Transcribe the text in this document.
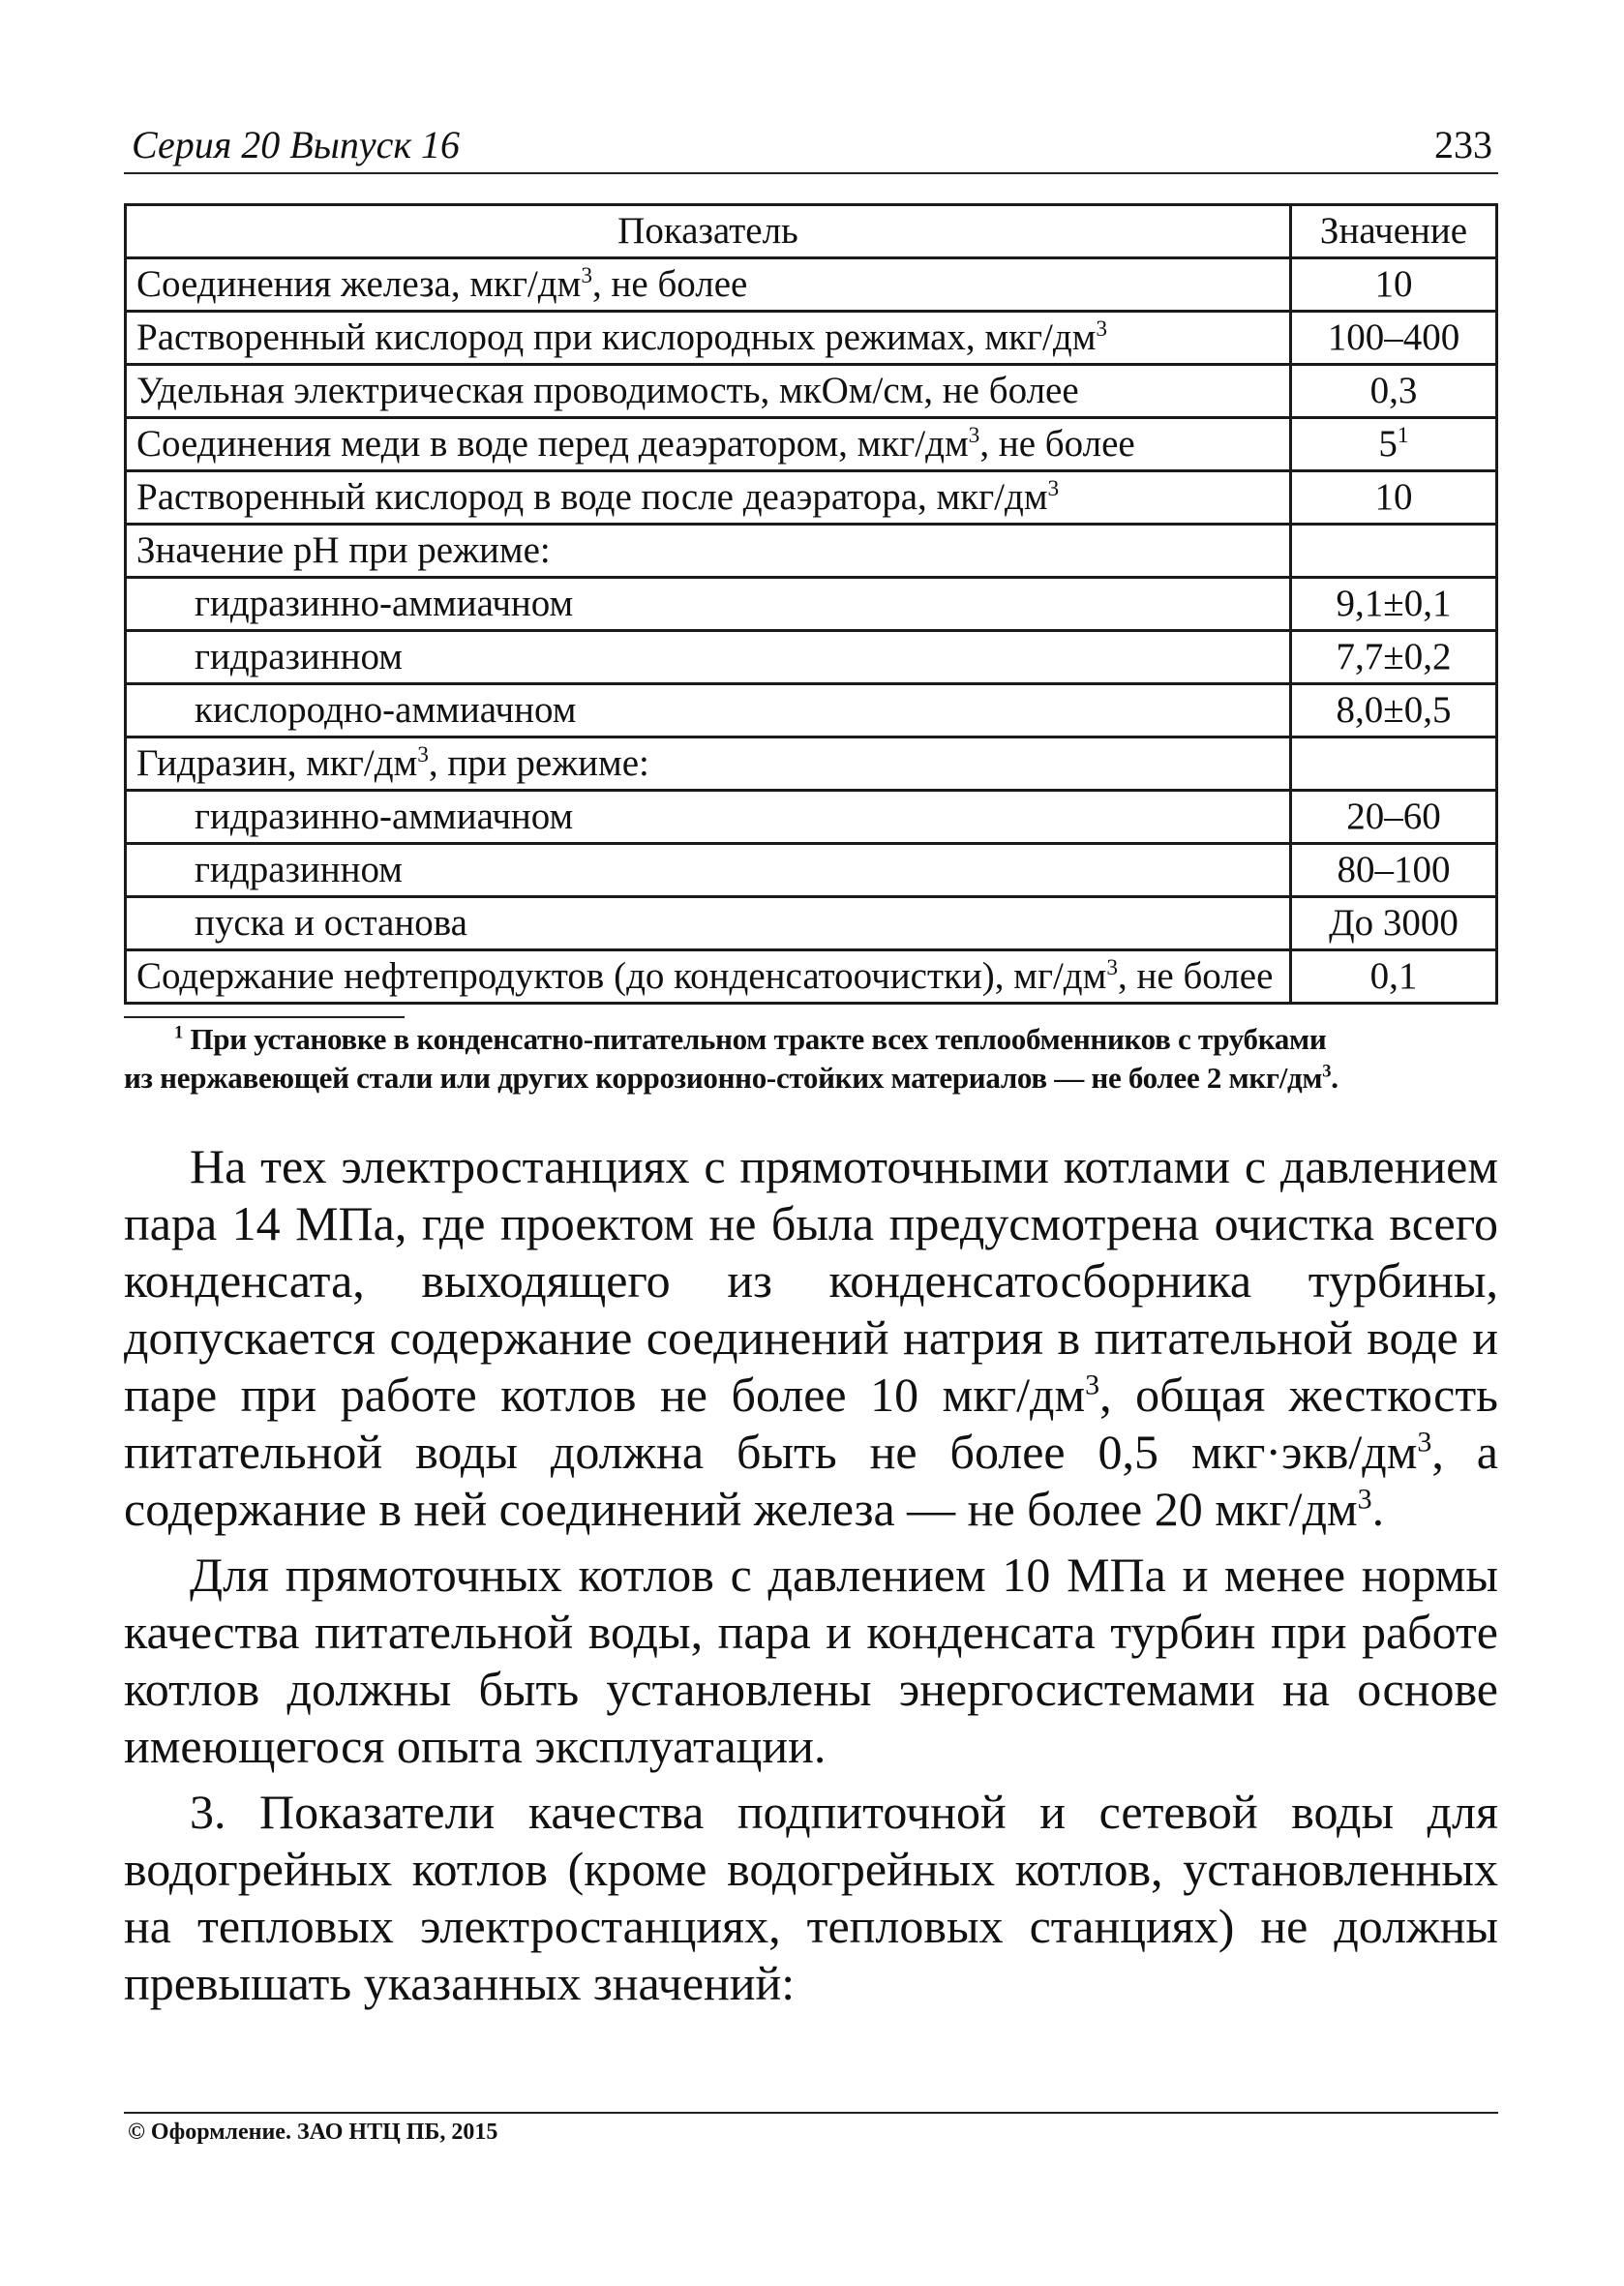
Серия 20 Выпуск 16	233
Показатель	Значение
Соединения железа, мкг/$дм^3$, не более	10
Растворенный кислород при кислородных режимах, мкг/$дм^3$	100–400
Удельная электрическая проводимость, мкОм/см, не более	0,3
Соединения меди в воде перед деаэратором, мкг/$дм^3$, не более	$5^1$
Растворенный кислород в воде после деаэратора, мкг/$дм^3$	10
Значение pH при режиме:	
гидразинно-аммиачном	9,1±0,1
гидразинном	7,7±0,2
кислородно-аммиачном	8,0±0,5
Гидразин, мкг/$дм^3$, при режиме:	
гидразинно-аммиачном	20–60
гидразинном	80–100
пуска и останова	До 3000
Содержание нефтепродуктов (до конденсатоочистки), $мг/дм^3$, не более	0,1
$^1$ При установке в конденсатно-питательном тракте всех теплообменников с трубками
из нержавеющей стали или других коррозионно-стойких материалов — не более 2 мкг/$дм^3$.

На тех электростанциях с прямоточными котлами с давлением пара 14 МПа, где проектом не была предусмотрена очистка всего конденсата, выходящего из конденсатосборника турбины, допускается содержание соединений натрия в питательной воде и паре при работе котлов не более 10 мкг/$дм^3$, общая жесткость питательной воды должна быть не более 0,5 $мкг\cdot экв/дм^3$, а содержание в ней соединений железа — не более 20 мкг/$дм^3$.

Для прямоточных котлов с давлением 10 МПа и менее нормы качества питательной воды, пара и конденсата турбин при работе котлов должны быть установлены энергосистемами на основе имеющегося опыта эксплуатации.

3. Показатели качества подпиточной и сетевой воды для водогрейных котлов (кроме водогрейных котлов, установленных на тепловых электростанциях, тепловых станциях) не должны превышать указанных значений:

© Оформление. ЗАО НТЦ ПБ, 2015
